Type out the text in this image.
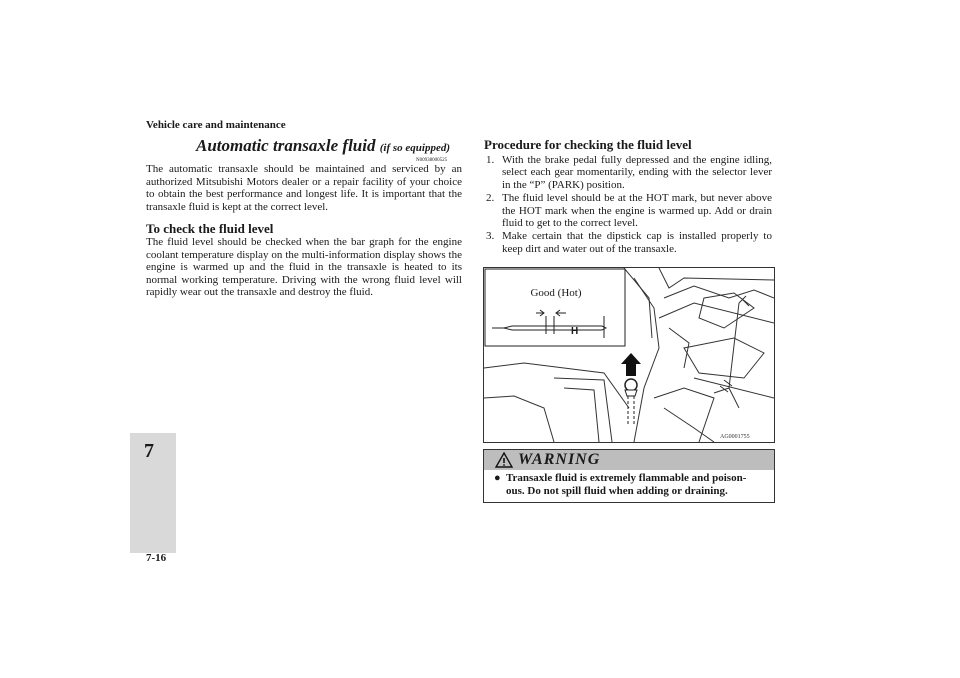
Vehicle care and maintenance
7
7-16
Automatic transaxle fluid (if so equipped)
N00938000525
The automatic transaxle should be maintained and serviced by an authorized Mitsubishi Motors dealer or a repair facility of your choice to obtain the best performance and longest life. It is important that the transaxle fluid is kept at the correct level.
To check the fluid level
The fluid level should be checked when the bar graph for the engine coolant temperature display on the multi-information display shows the engine is warmed up and the fluid in the transaxle is heated to its normal working temperature. Driving with the wrong fluid level will rapidly wear out the transaxle and destroy the fluid.
Procedure for checking the fluid level
1. With the brake pedal fully depressed and the engine idling, select each gear momentarily, ending with the selector lever in the “P” (PARK) position.
2. The fluid level should be at the HOT mark, but never above the HOT mark when the engine is warmed up. Add or drain fluid to get to the correct level.
3. Make certain that the dipstick cap is installed properly to keep dirt and water out of the transaxle.
Good (Hot)
H
AG0001755
WARNING
● Transaxle fluid is extremely flammable and poison-
ous. Do not spill fluid when adding or draining.
